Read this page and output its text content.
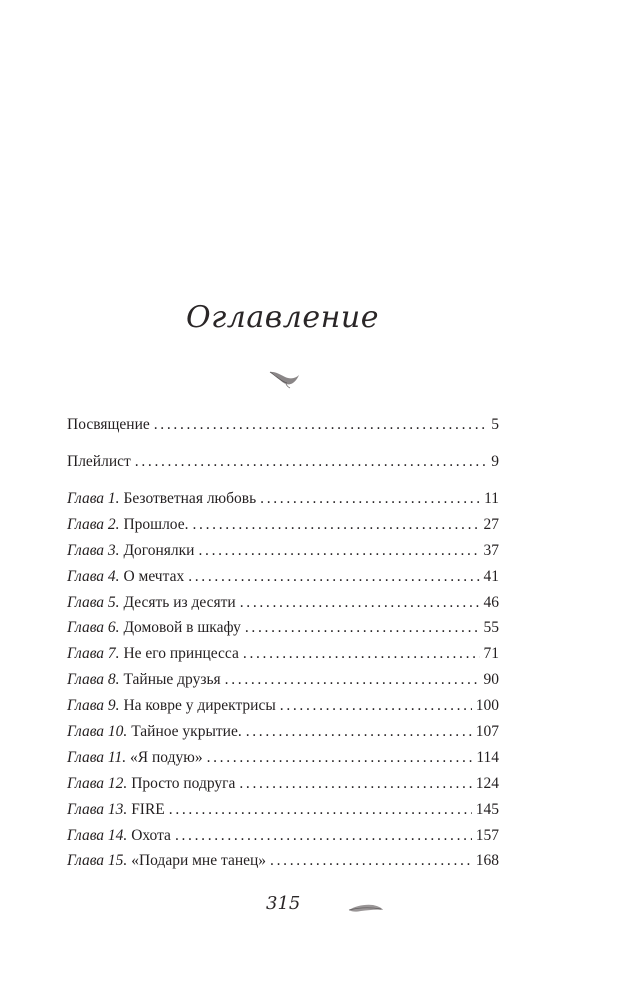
Оглавление
Посвящение . . .	5
Плейлист . . .	9
Глава 1. Безответная любовь . . .	11
Глава 2. Прошлое. . . .	27
Глава 3. Догонялки . . .	37
Глава 4. О мечтах . . .	41
Глава 5. Десять из десяти . . .	46
Глава 6. Домовой в шкафу . . .	55
Глава 7. Не его принцесса . . .	71
Глава 8. Тайные друзья . . .	90
Глава 9. На ковре у директрисы . . .	100
Глава 10. Тайное укрытие. . . .	107
Глава 11. «Я подую» . . .	114
Глава 12. Просто подруга . . .	124
Глава 13. FIRE . . .	145
Глава 14. Охота . . .	157
Глава 15. «Подари мне танец» . . .	168
315
